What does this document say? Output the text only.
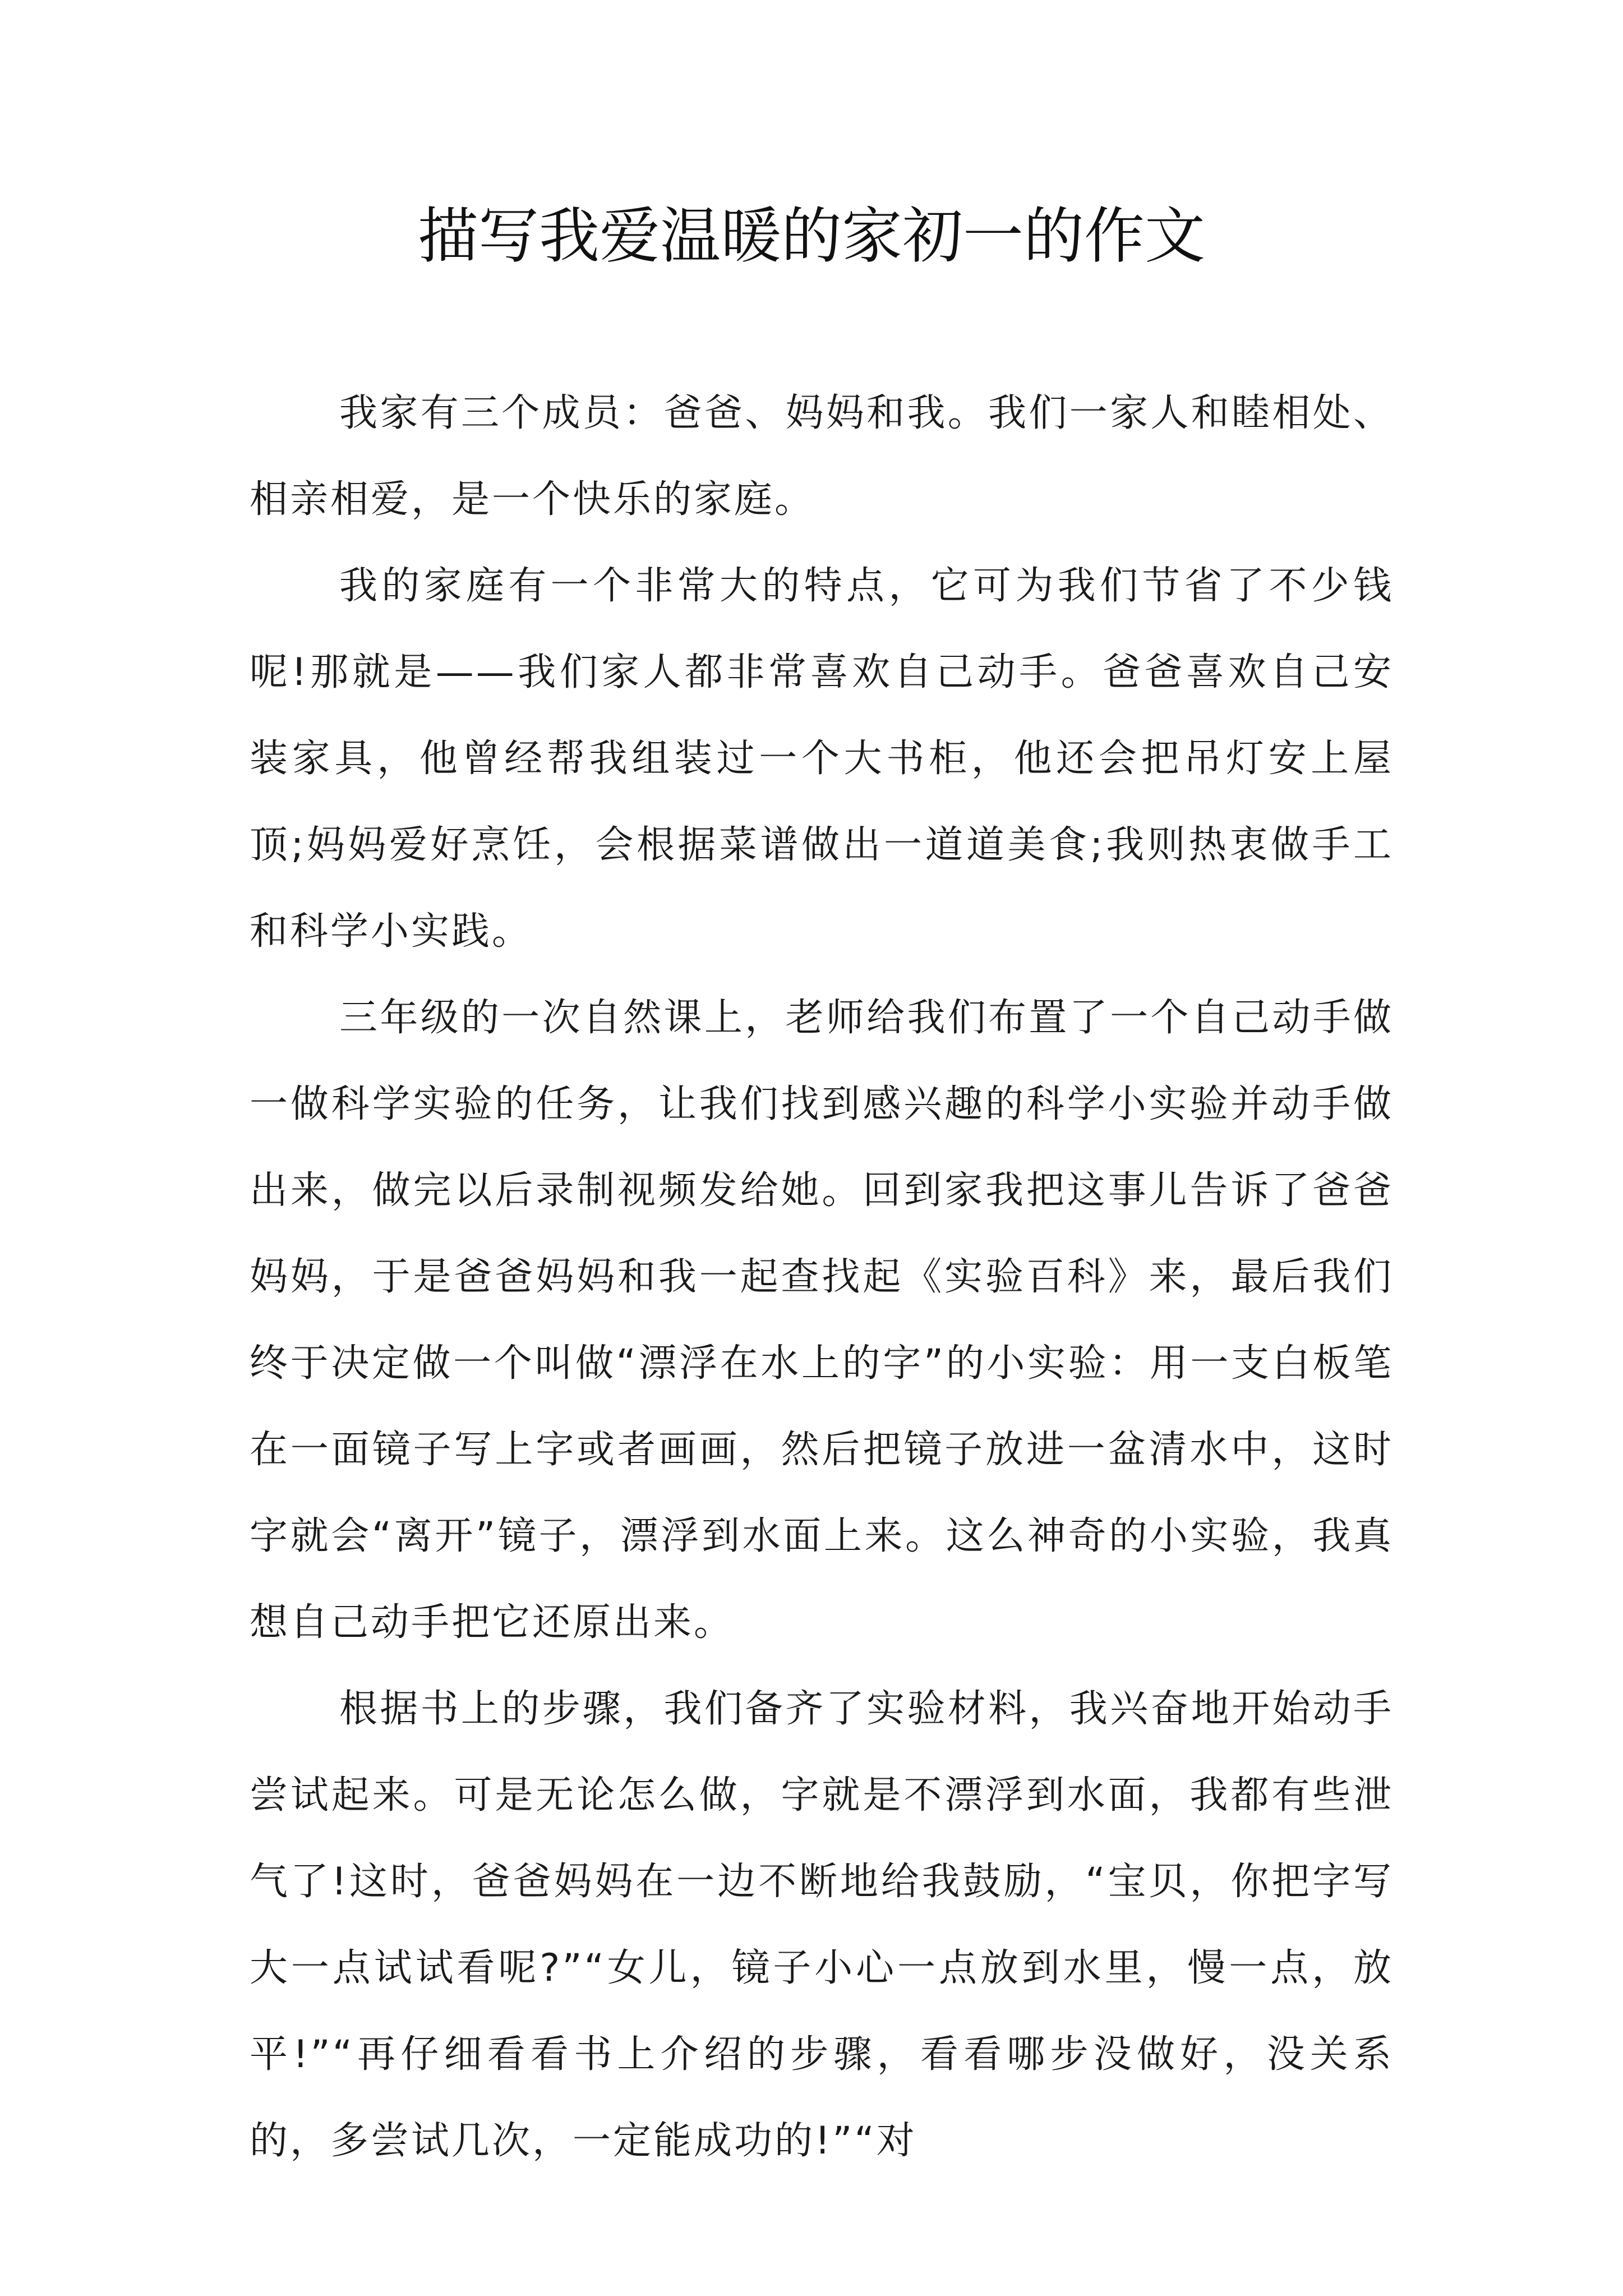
描写我爱温暖的家初一的作文

我家有三个成员：爸爸、妈妈和我。我们一家人和睦相处、相亲相爱，是一个快乐的家庭。

我的家庭有一个非常大的特点，它可为我们节省了不少钱呢!那就是——我们家人都非常喜欢自己动手。爸爸喜欢自己安装家具，他曾经帮我组装过一个大书柜，他还会把吊灯安上屋顶;妈妈爱好烹饪，会根据菜谱做出一道道美食;我则热衷做手工和科学小实践。

三年级的一次自然课上，老师给我们布置了一个自己动手做一做科学实验的任务，让我们找到感兴趣的科学小实验并动手做出来，做完以后录制视频发给她。回到家我把这事儿告诉了爸爸妈妈，于是爸爸妈妈和我一起查找起《实验百科》来，最后我们终于决定做一个叫做“漂浮在水上的字”的小实验：用一支白板笔在一面镜子写上字或者画画，然后把镜子放进一盆清水中，这时字就会“离开”镜子，漂浮到水面上来。这么神奇的小实验，我真想自己动手把它还原出来。

根据书上的步骤，我们备齐了实验材料，我兴奋地开始动手尝试起来。可是无论怎么做，字就是不漂浮到水面，我都有些泄气了!这时，爸爸妈妈在一边不断地给我鼓励，“宝贝，你把字写大一点试试看呢?”“女儿，镜子小心一点放到水里，慢一点，放平!”“再仔细看看书上介绍的步骤，看看哪步没做好，没关系的，多尝试几次，一定能成功的!”“对
